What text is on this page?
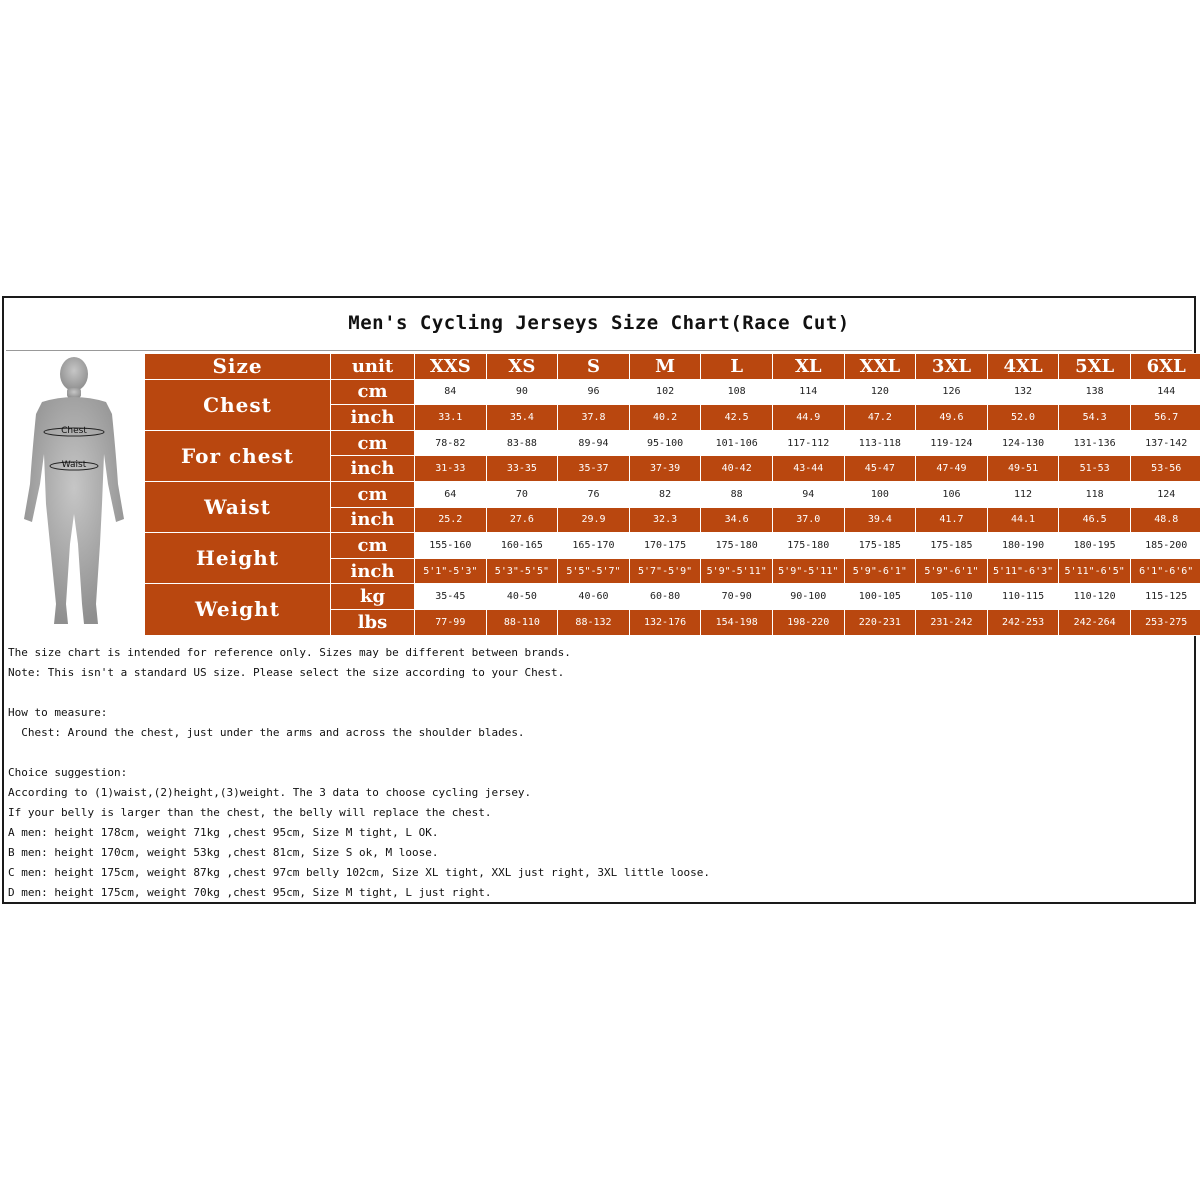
Men's Cycling Jerseys Size Chart(Race Cut)
Chest
Waist
Size	unit	XXS	XS	S	M	L	XL	XXL	3XL	4XL	5XL	6XL
Chest	cm	84	90	96	102	108	114	120	126	132	138	144
	inch	33.1	35.4	37.8	40.2	42.5	44.9	47.2	49.6	52.0	54.3	56.7
For chest	cm	78-82	83-88	89-94	95-100	101-106	117-112	113-118	119-124	124-130	131-136	137-142
	inch	31-33	33-35	35-37	37-39	40-42	43-44	45-47	47-49	49-51	51-53	53-56
Waist	cm	64	70	76	82	88	94	100	106	112	118	124
	inch	25.2	27.6	29.9	32.3	34.6	37.0	39.4	41.7	44.1	46.5	48.8
Height	cm	155-160	160-165	165-170	170-175	175-180	175-180	175-185	175-185	180-190	180-195	185-200
	inch	5'1"-5'3"	5'3"-5'5"	5'5"-5'7"	5'7"-5'9"	5'9"-5'11"	5'9"-5'11"	5'9"-6'1"	5'9"-6'1"	5'11"-6'3"	5'11"-6'5"	6'1"-6'6"
Weight	kg	35-45	40-50	40-60	60-80	70-90	90-100	100-105	105-110	110-115	110-120	115-125
	lbs	77-99	88-110	88-132	132-176	154-198	198-220	220-231	231-242	242-253	242-264	253-275
The size chart is intended for reference only. Sizes may be different between brands.
Note: This isn't a standard US size. Please select the size according to your Chest.
How to measure:
Chest: Around the chest, just under the arms and across the shoulder blades.
Choice suggestion:
According to (1)waist,(2)height,(3)weight. The 3 data to choose cycling jersey.
If your belly is larger than the chest, the belly will replace the chest.
A men: height 178cm, weight 71kg ,chest 95cm, Size M tight, L OK.
B men: height 170cm, weight 53kg ,chest 81cm, Size S ok, M loose.
C men: height 175cm, weight 87kg ,chest 97cm belly 102cm, Size XL tight, XXL just right, 3XL little loose.
D men: height 175cm, weight 70kg ,chest 95cm, Size M tight, L just right.
